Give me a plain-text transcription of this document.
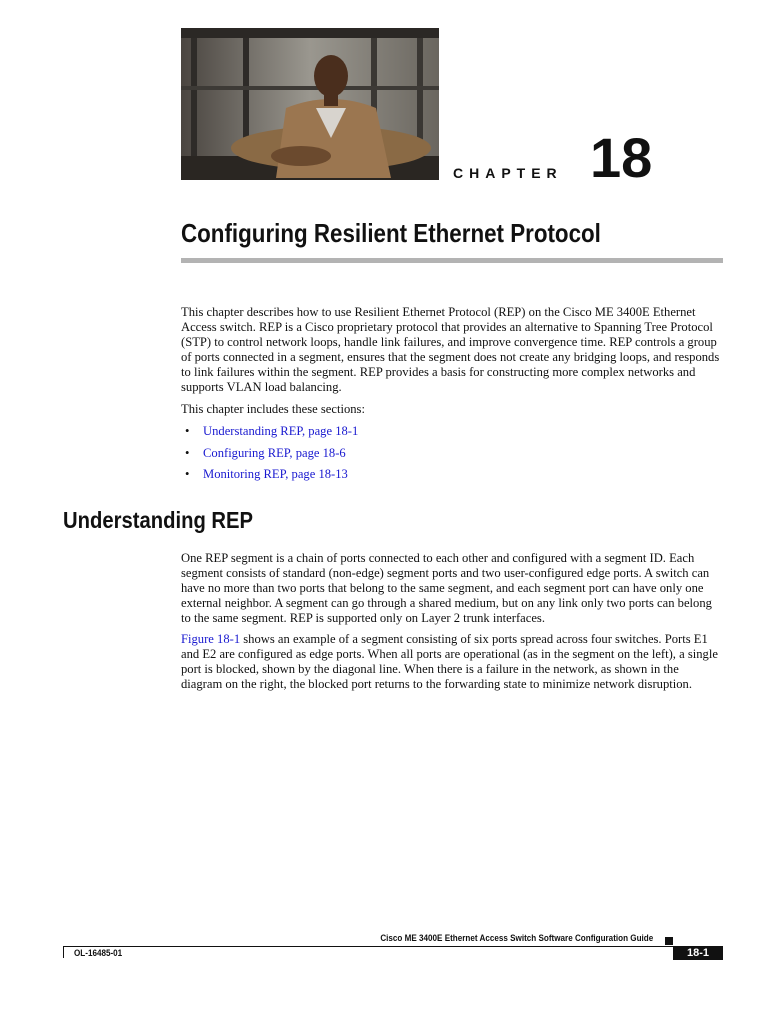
CHAPTER 18
Configuring Resilient Ethernet Protocol

This chapter describes how to use Resilient Ethernet Protocol (REP) on the Cisco ME 3400E Ethernet Access switch. REP is a Cisco proprietary protocol that provides an alternative to Spanning Tree Protocol (STP) to control network loops, handle link failures, and improve convergence time. REP controls a group of ports connected in a segment, ensures that the segment does not create any bridging loops, and responds to link failures within the segment. REP provides a basis for constructing more complex networks and supports VLAN load balancing.

This chapter includes these sections:

•	Understanding REP, page 18-1
•	Configuring REP, page 18-6
•	Monitoring REP, page 18-13
Understanding REP

One REP segment is a chain of ports connected to each other and configured with a segment ID. Each segment consists of standard (non-edge) segment ports and two user-configured edge ports. A switch can have no more than two ports that belong to the same segment, and each segment port can have only one external neighbor. A segment can go through a shared medium, but on any link only two ports can belong to the same segment. REP is supported only on Layer 2 trunk interfaces.

Figure 18-1 shows an example of a segment consisting of six ports spread across four switches. Ports E1 and E2 are configured as edge ports. When all ports are operational (as in the segment on the left), a single port is blocked, shown by the diagonal line. When there is a failure in the network, as shown in the diagram on the right, the blocked port returns to the forwarding state to minimize network disruption.

Cisco ME 3400E Ethernet Access Switch Software Configuration Guide
OL-16485-01	18-1
